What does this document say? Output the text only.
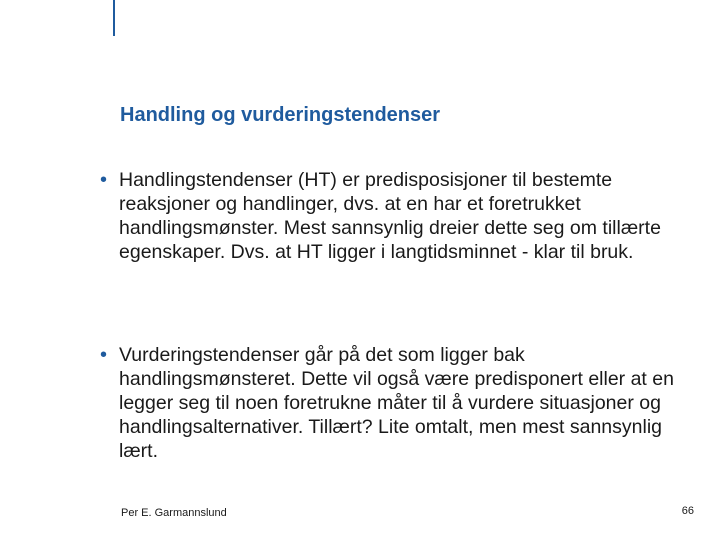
Handling og vurderingstendenser
• Handlingstendenser (HT) er predisposisjoner til bestemte reaksjoner og handlinger, dvs. at en har et foretrukket handlingsmønster. Mest sannsynlig dreier dette seg om tillærte egenskaper. Dvs. at HT ligger i langtidsminnet - klar til bruk.
• Vurderingstendenser går på det som ligger bak handlingsmønsteret. Dette vil også være predisponert eller at en legger seg til noen foretrukne måter til å vurdere situasjoner og handlingsalternativer. Tillært? Lite omtalt, men mest sannsynlig lært.
Per E. Garmannslund	66
